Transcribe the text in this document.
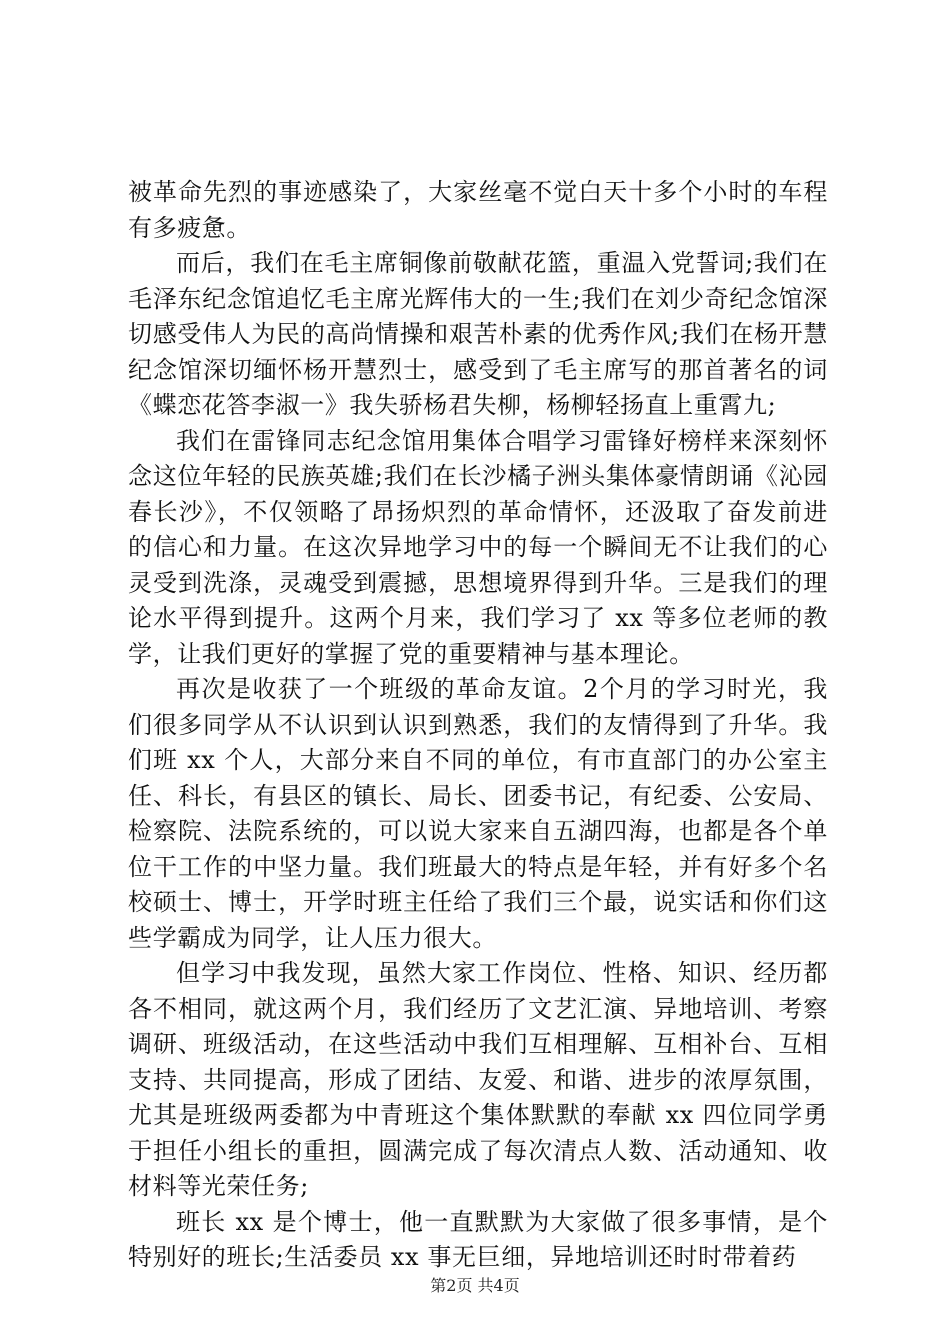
被革命先烈的事迹感染了，大家丝毫不觉白天十多个小时的车程有多疲惫。

而后，我们在毛主席铜像前敬献花篮，重温入党誓词;我们在毛泽东纪念馆追忆毛主席光辉伟大的一生;我们在刘少奇纪念馆深切感受伟人为民的高尚情操和艰苦朴素的优秀作风;我们在杨开慧纪念馆深切缅怀杨开慧烈士，感受到了毛主席写的那首著名的词《蝶恋花答李淑一》我失骄杨君失柳，杨柳轻扬直上重霄九;

我们在雷锋同志纪念馆用集体合唱学习雷锋好榜样来深刻怀念这位年轻的民族英雄;我们在长沙橘子洲头集体豪情朗诵《沁园春长沙》，不仅领略了昂扬炽烈的革命情怀，还汲取了奋发前进的信心和力量。在这次异地学习中的每一个瞬间无不让我们的心灵受到洗涤，灵魂受到震撼，思想境界得到升华。三是我们的理论水平得到提升。这两个月来，我们学习了 xx 等多位老师的教学，让我们更好的掌握了党的重要精神与基本理论。

再次是收获了一个班级的革命友谊。2个月的学习时光，我们很多同学从不认识到认识到熟悉，我们的友情得到了升华。我们班 xx 个人，大部分来自不同的单位，有市直部门的办公室主任、科长，有县区的镇长、局长、团委书记，有纪委、公安局、检察院、法院系统的，可以说大家来自五湖四海，也都是各个单位干工作的中坚力量。我们班最大的特点是年轻，并有好多个名校硕士、博士，开学时班主任给了我们三个最，说实话和你们这些学霸成为同学，让人压力很大。

但学习中我发现，虽然大家工作岗位、性格、知识、经历都各不相同，就这两个月，我们经历了文艺汇演、异地培训、考察调研、班级活动，在这些活动中我们互相理解、互相补台、互相支持、共同提高，形成了团结、友爱、和谐、进步的浓厚氛围，尤其是班级两委都为中青班这个集体默默的奉献 xx 四位同学勇于担任小组长的重担，圆满完成了每次清点人数、活动通知、收材料等光荣任务;

班长 xx 是个博士，他一直默默为大家做了很多事情，是个特别好的班长;生活委员 xx 事无巨细，异地培训还时时带着药

第2页 共4页
